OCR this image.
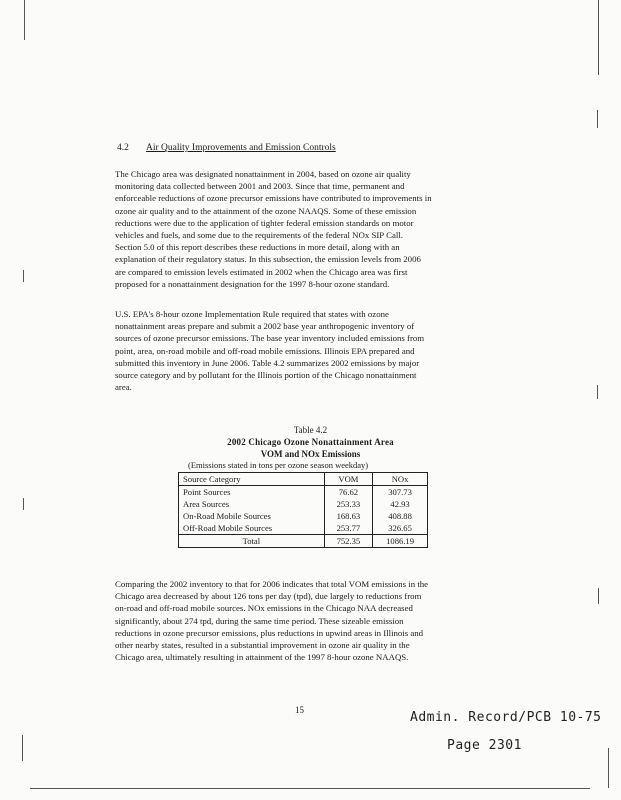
4.2 Air Quality Improvements and Emission Controls
The Chicago area was designated nonattainment in 2004, based on ozone air quality
monitoring data collected between 2001 and 2003. Since that time, permanent and
enforceable reductions of ozone precursor emissions have contributed to improvements in
ozone air quality and to the attainment of the ozone NAAQS. Some of these emission
reductions were due to the application of tighter federal emission standards on motor
vehicles and fuels, and some due to the requirements of the federal NOx SIP Call.
Section 5.0 of this report describes these reductions in more detail, along with an
explanation of their regulatory status. In this subsection, the emission levels from 2006
are compared to emission levels estimated in 2002 when the Chicago area was first
proposed for a nonattainment designation for the 1997 8-hour ozone standard.
U.S. EPA's 8-hour ozone Implementation Rule required that states with ozone
nonattainment areas prepare and submit a 2002 base year anthropogenic inventory of
sources of ozone precursor emissions. The base year inventory included emissions from
point, area, on-road mobile and off-road mobile emissions. Illinois EPA prepared and
submitted this inventory in June 2006. Table 4.2 summarizes 2002 emissions by major
source category and by pollutant for the Illinois portion of the Chicago nonattainment
area.
Table 4.2
2002 Chicago Ozone Nonattainment Area
VOM and NOx Emissions
(Emissions stated in tons per ozone season weekday)
Source Category	VOM	NOx
Point Sources	76.62	307.73
Area Sources	253.33	42.93
On-Road Mobile Sources	168.63	408.88
Off-Road Mobile Sources	253.77	326.65
Total	752.35	1086.19
Comparing the 2002 inventory to that for 2006 indicates that total VOM emissions in the
Chicago area decreased by about 126 tons per day (tpd), due largely to reductions from
on-road and off-road mobile sources. NOx emissions in the Chicago NAA decreased
significantly, about 274 tpd, during the same time period. These sizeable emission
reductions in ozone precursor emissions, plus reductions in upwind areas in Illinois and
other nearby states, resulted in a substantial improvement in ozone air quality in the
Chicago area, ultimately resulting in attainment of the 1997 8-hour ozone NAAQS.
15	Admin. Record/PCB 10-75
Page 2301
